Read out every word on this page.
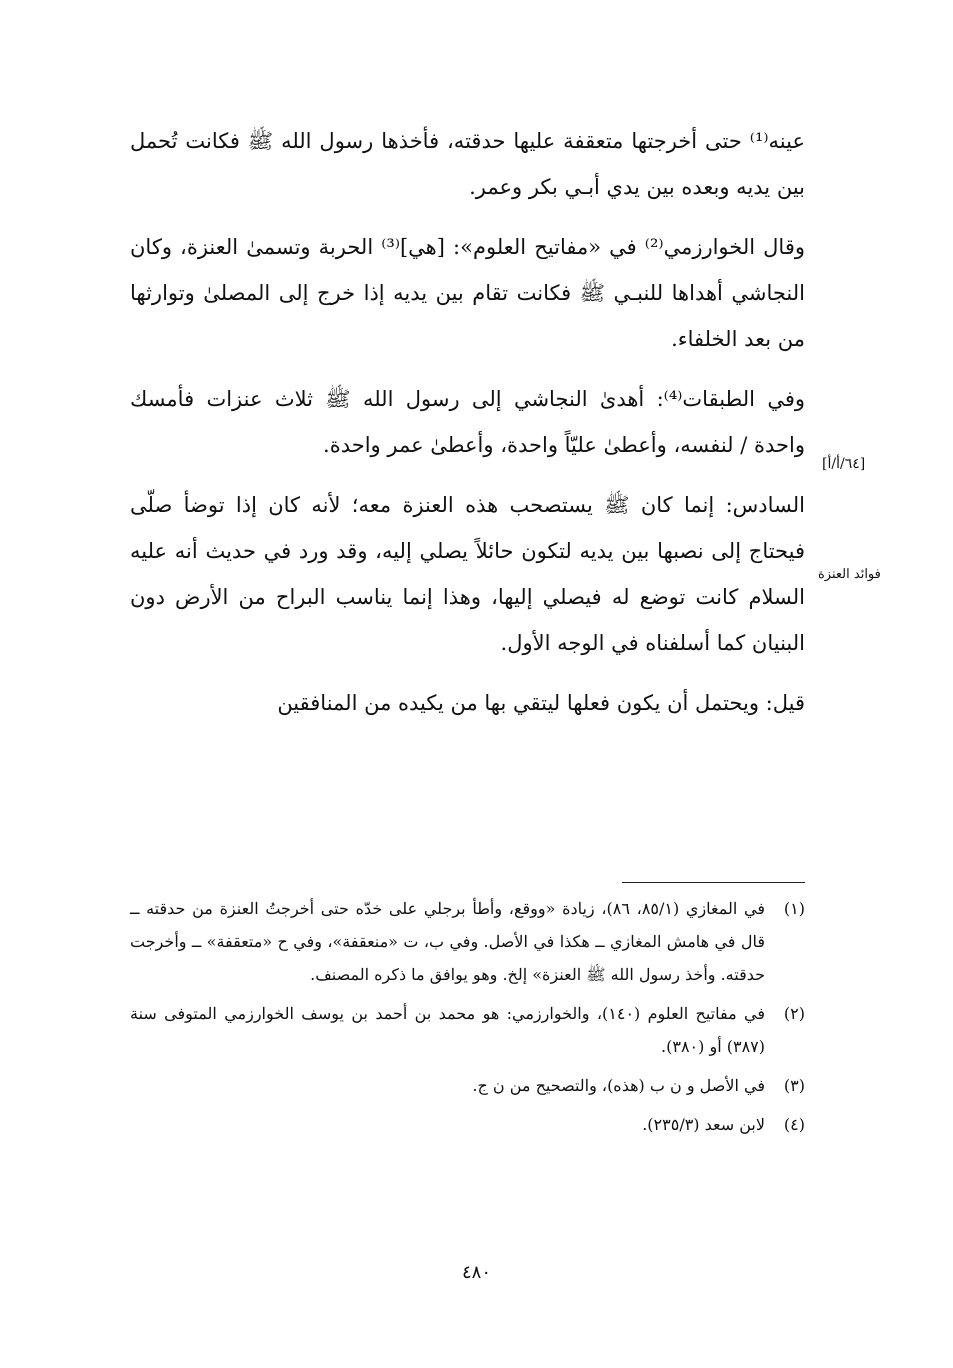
عينه⁽¹⁾ حتى أخرجتها متعقفة عليها حدقته، فأخذها رسول الله ﷺ فكانت تُحمل بين يديه وبعده بين يدي أبـي بكر وعمر.

وقال الخوارزمي⁽²⁾ في «مفاتيح العلوم»: [هي]⁽³⁾ الحربة وتسمىٰ العنزة، وكان النجاشي أهداها للنبـي ﷺ فكانت تقام بين يديه إذا خرج إلى المصلىٰ وتوارثها من بعد الخلفاء.

وفي الطبقات⁽⁴⁾: أهدىٰ النجاشي إلى رسول الله ﷺ ثلاث عنزات فأمسك واحدة / لنفسه، وأعطىٰ عليّاً واحدة، وأعطىٰ عمر واحدة.

السادس: إنما كان ﷺ يستصحب هذه العنزة معه؛ لأنه كان إذا توضأ صلّى فيحتاج إلى نصبها بين يديه لتكون حائلاً يصلي إليه، وقد ورد في حديث أنه عليه السلام كانت توضع له فيصلي إليها، وهذا إنما يناسب البراح من الأرض دون البنيان كما أسلفناه في الوجه الأول.

قيل: ويحتمل أن يكون فعلها ليتقي بها من يكيده من المنافقين

[٦٤/أ/أ]
فوائد العنزة
(١)
في المغازي (٨٥/١، ٨٦)، زيادة «ووقع، وأطأ برجلي على خدّه حتى أخرجتُ العنزة من حدقته ــ قال في هامش المغازي ــ هكذا في الأصل. وفي ب، ت «منعقفة»، وفي ح «متعقفة» ــ وأخرجت حدقته. وأخذ رسول الله ﷺ العنزة» إلخ. وهو يوافق ما ذكره المصنف.
(٢)
في مفاتيح العلوم (١٤٠)، والخوارزمي: هو محمد بن أحمد بن يوسف الخوارزمي المتوفى سنة (٣٨٧) أو (٣٨٠).
(٣)
في الأصل و ن ب (هذه)، والتصحيح من ن ج.
(٤)
لابن سعد (٢٣٥/٣).
٤٨٠
